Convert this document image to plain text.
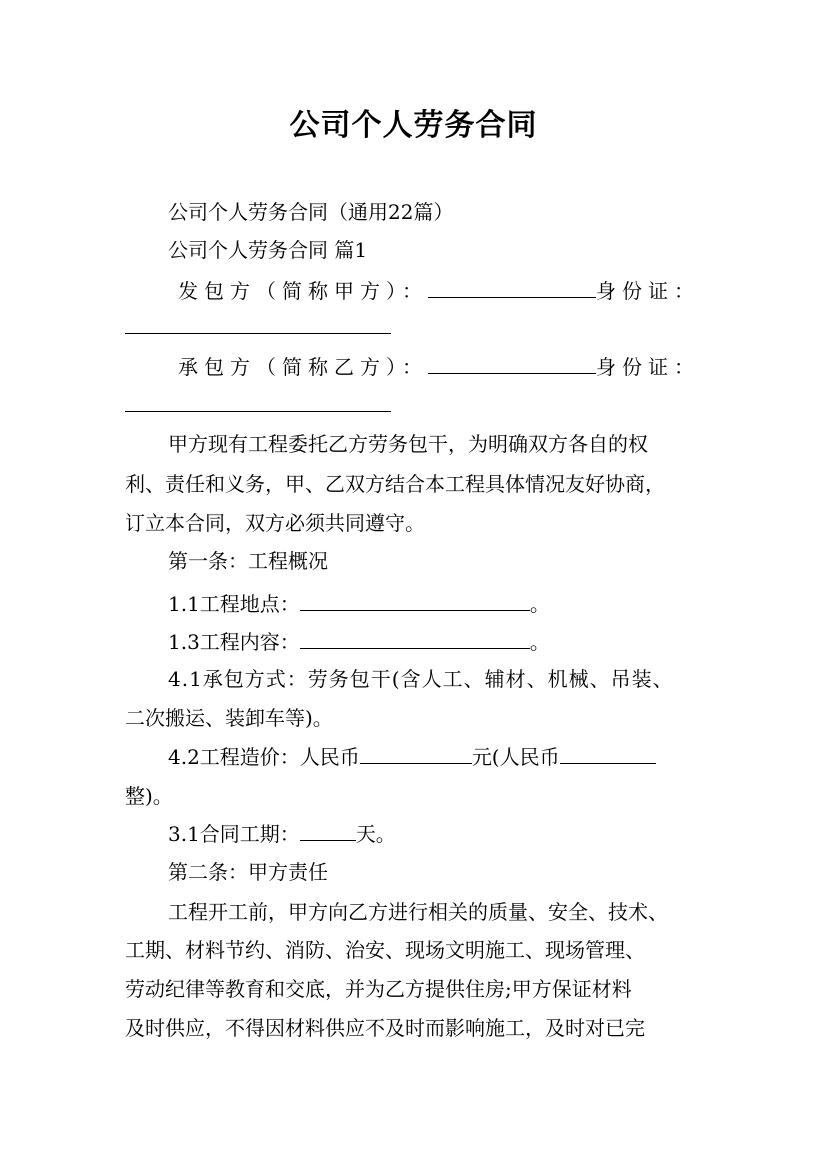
公司个人劳务合同
公司个人劳务合同（通用22篇）
公司个人劳务合同 篇1
发包方（简称甲方）：	身份证：
承包方（简称乙方）：	身份证：
甲方现有工程委托乙方劳务包干，为明确双方各自的权
利、责任和义务，甲、乙双方结合本工程具体情况友好协商，
订立本合同，双方必须共同遵守。
第一条：工程概况
1.1工程地点：	。
1.3工程内容：	。
4.1承包方式：劳务包干(含人工、辅材、机械、吊装、
二次搬运、装卸车等)。
4.2工程造价：人民币	元(人民币
整)。
3.1合同工期：	天。
第二条：甲方责任
工程开工前，甲方向乙方进行相关的质量、安全、技术、
工期、材料节约、消防、治安、现场文明施工、现场管理、
劳动纪律等教育和交底，并为乙方提供住房;甲方保证材料
及时供应，不得因材料供应不及时而影响施工，及时对已完
